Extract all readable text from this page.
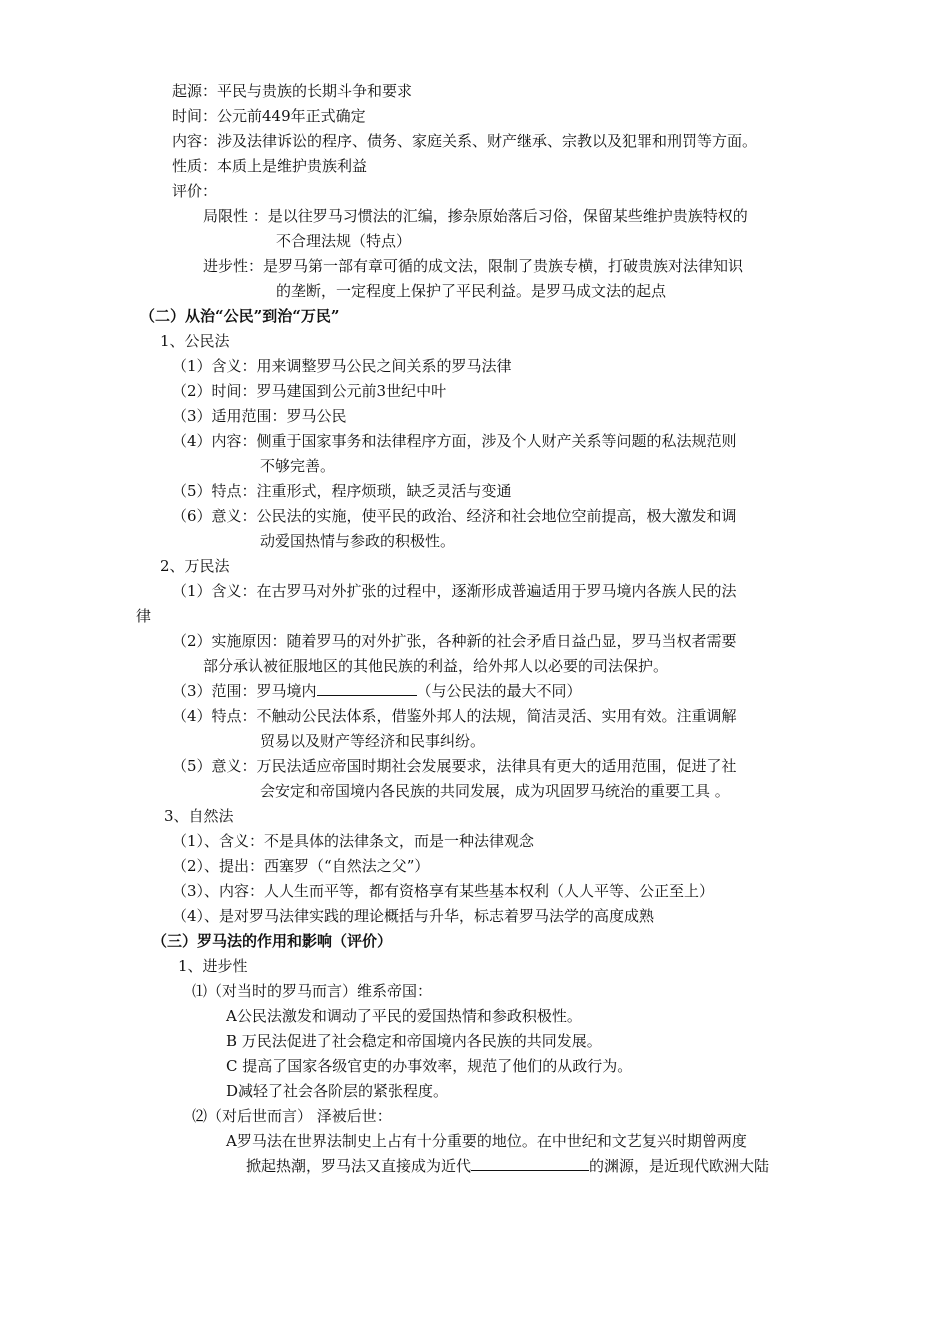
起源：平民与贵族的长期斗争和要求
时间：公元前449年正式确定
内容：涉及法律诉讼的程序、债务、家庭关系、财产继承、宗教以及犯罪和刑罚等方面。
性质：本质上是维护贵族利益
评价：
局限性 ：是以往罗马习惯法的汇编，掺杂原始落后习俗，保留某些维护贵族特权的
不合理法规（特点）
进步性：是罗马第一部有章可循的成文法，限制了贵族专横，打破贵族对法律知识
的垄断，一定程度上保护了平民利益。是罗马成文法的起点
（二）从治“公民”到治“万民”
1、公民法
（1）含义：用来调整罗马公民之间关系的罗马法律
（2）时间：罗马建国到公元前3世纪中叶
（3）适用范围：罗马公民
（4）内容：侧重于国家事务和法律程序方面，涉及个人财产关系等问题的私法规范则
不够完善。
（5）特点：注重形式，程序烦琐，缺乏灵活与变通
（6）意义：公民法的实施，使平民的政治、经济和社会地位空前提高，极大激发和调
动爱国热情与参政的积极性。
2、万民法
（1）含义：在古罗马对外扩张的过程中，逐渐形成普遍适用于罗马境内各族人民的法
律
（2）实施原因：随着罗马的对外扩张，各种新的社会矛盾日益凸显，罗马当权者需要
部分承认被征服地区的其他民族的利益，给外邦人以必要的司法保护。
（3）范围：罗马境内	（与公民法的最大不同）
（4）特点：不触动公民法体系，借鉴外邦人的法规，简洁灵活、实用有效。注重调解
贸易以及财产等经济和民事纠纷。
（5）意义：万民法适应帝国时期社会发展要求，法律具有更大的适用范围，促进了社
会安定和帝国境内各民族的共同发展，成为巩固罗马统治的重要工具 。
3、自然法
（1）、含义：不是具体的法律条文，而是一种法律观念
（2）、提出：西塞罗（“自然法之父”）
（3）、内容：人人生而平等，都有资格享有某些基本权利（人人平等、公正至上）
（4）、是对罗马法律实践的理论概括与升华，标志着罗马法学的高度成熟
（三）罗马法的作用和影响（评价）
1、进步性
⑴（对当时的罗马而言）维系帝国：
A公民法激发和调动了平民的爱国热情和参政积极性。
B 万民法促进了社会稳定和帝国境内各民族的共同发展。
C 提高了国家各级官吏的办事效率，规范了他们的从政行为。
D减轻了社会各阶层的紧张程度。
⑵（对后世而言） 泽被后世：
A罗马法在世界法制史上占有十分重要的地位。在中世纪和文艺复兴时期曾两度
掀起热潮，罗马法又直接成为近代	的渊源，是近现代欧洲大陆
